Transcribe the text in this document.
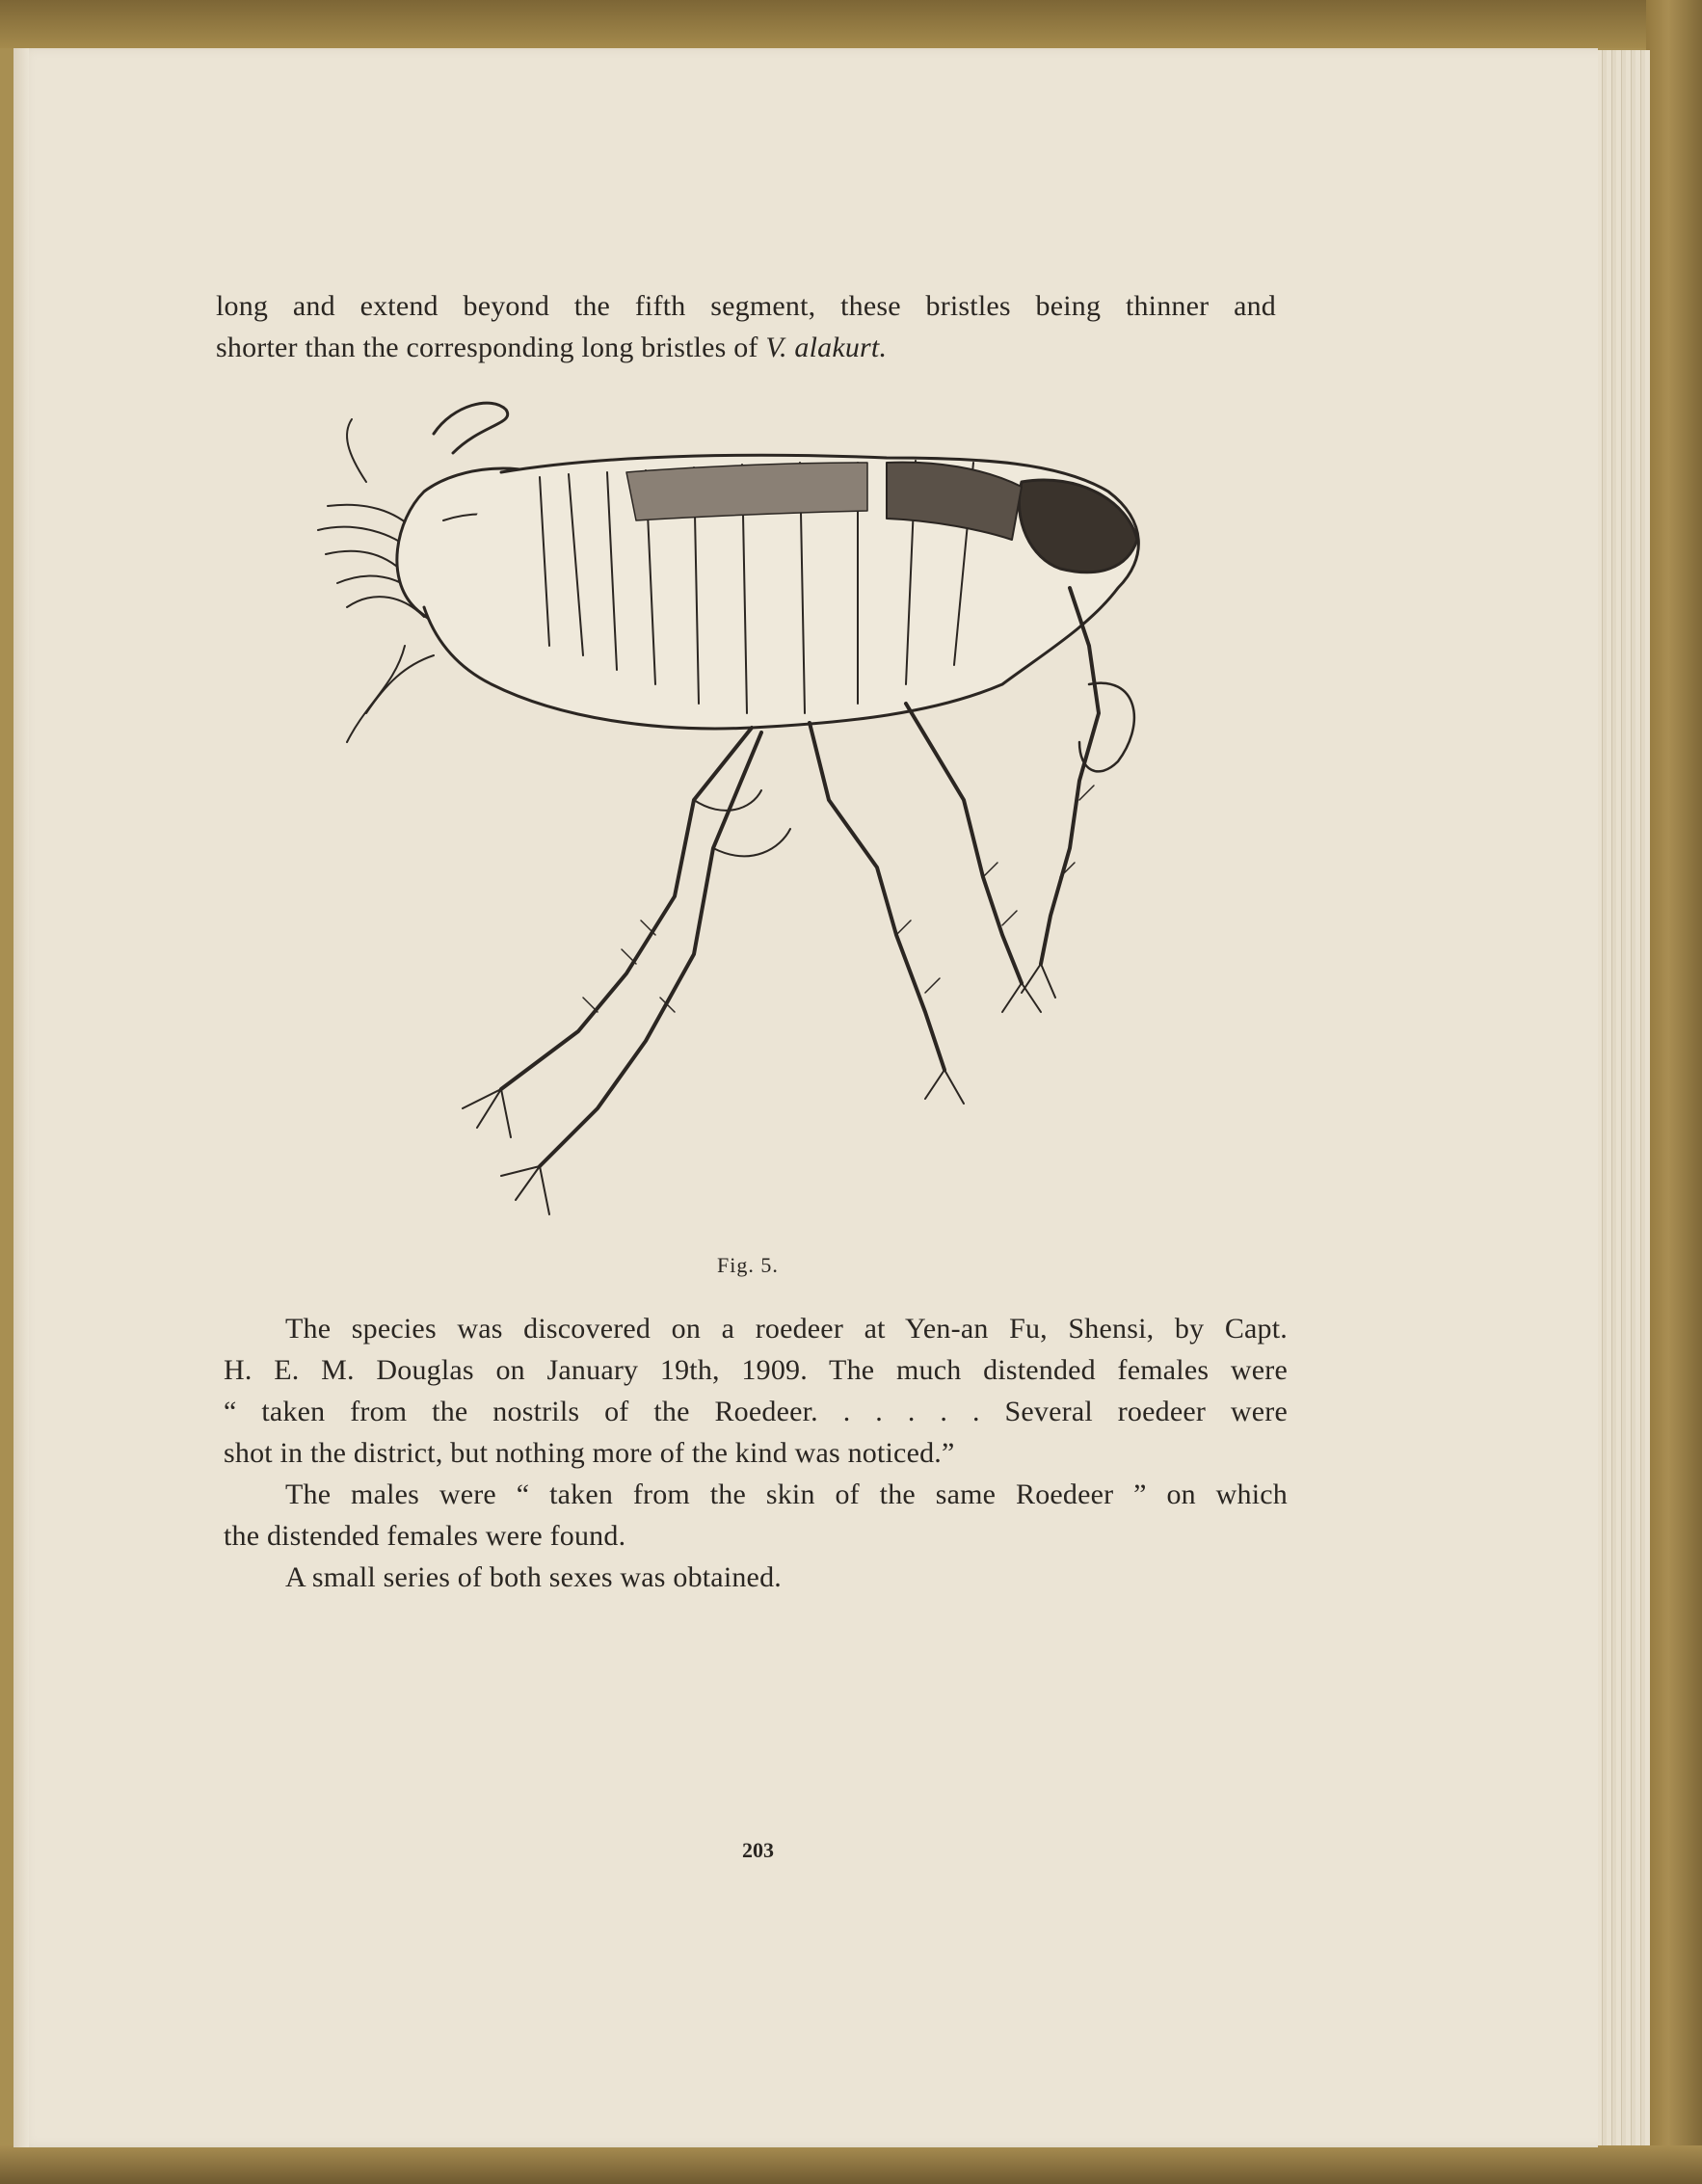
long and extend beyond the fifth segment, these bristles being thinner and
shorter than the corresponding long bristles of V. alakurt.
Fig. 5.
The species was discovered on a roedeer at Yen-an Fu, Shensi, by Capt.
H. E. M. Douglas on January 19th, 1909. The much distended females were
“ taken from the nostrils of the Roedeer. . . . . . Several roedeer were
shot in the district, but nothing more of the kind was noticed.”
The males were “ taken from the skin of the same Roedeer ” on which
the distended females were found.
A small series of both sexes was obtained.
203
